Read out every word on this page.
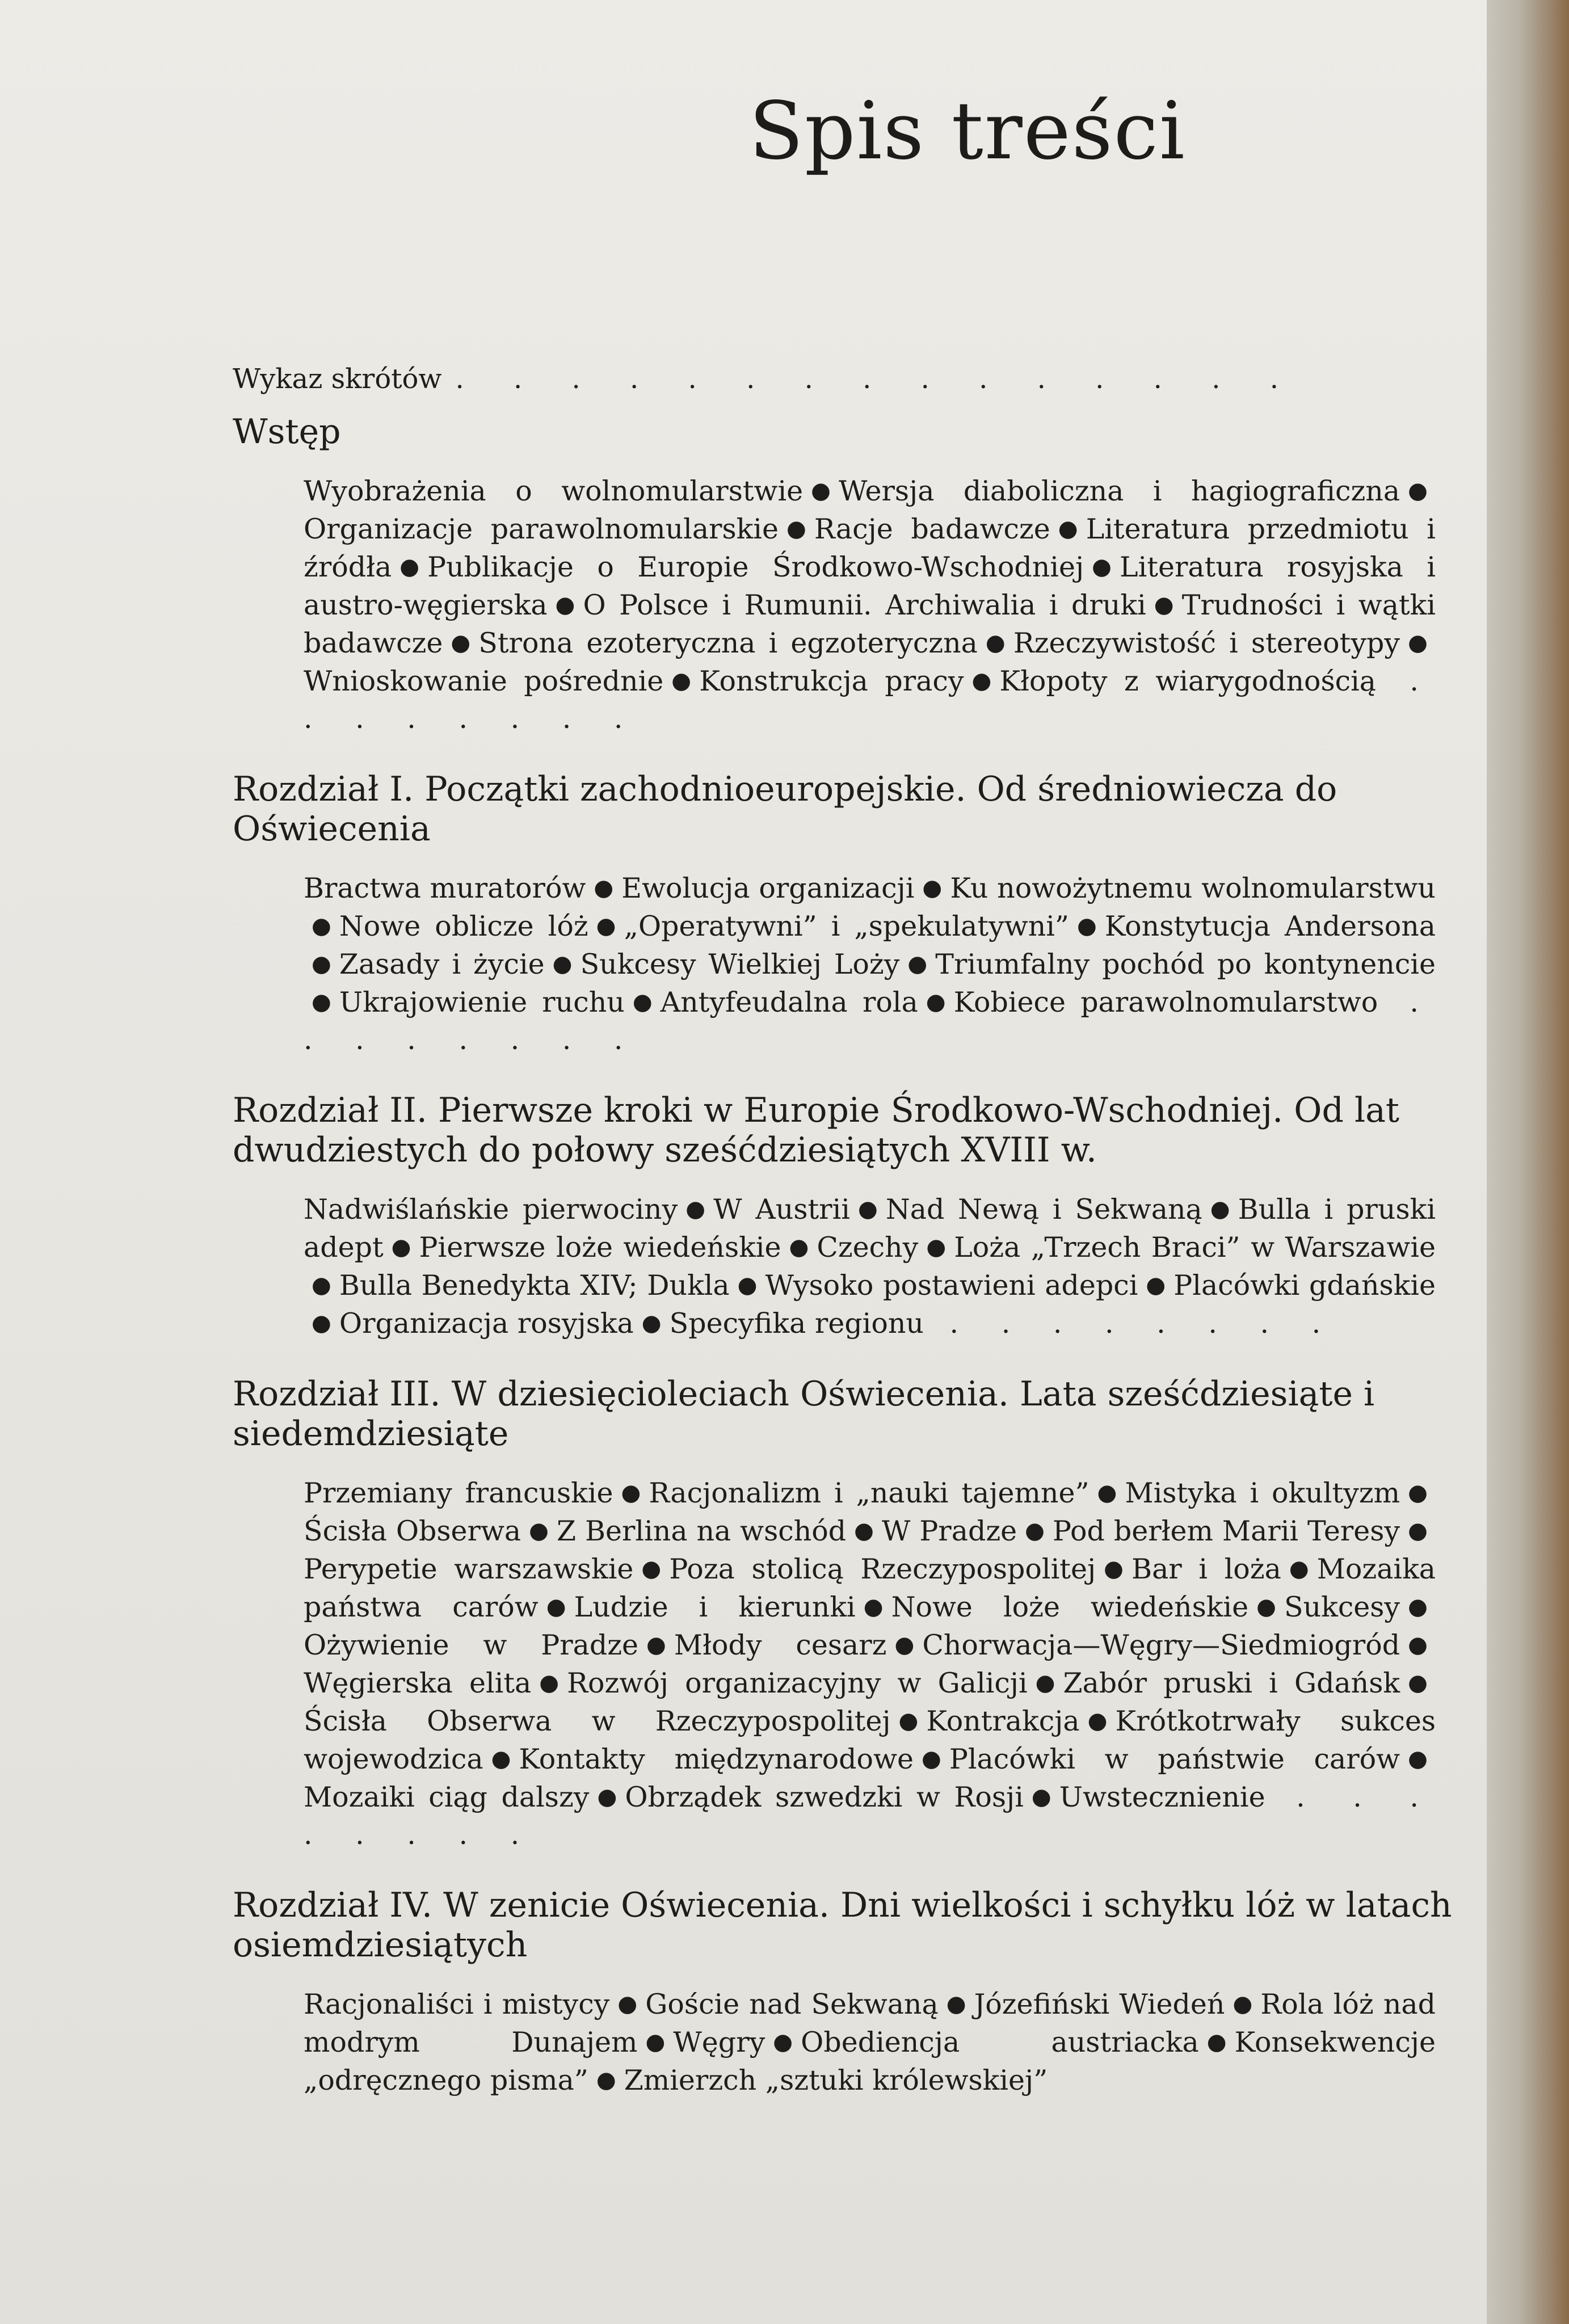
Spis treści
Wykaz skrótów . . . . . . . . . . . . . . .
Wstęp
Wyobrażenia o wolnomularstwie ● Wersja diaboliczna i hagiograficzna ●Organizacje parawolnomularskie ● Racje badawcze ● Literatura przedmiotu i źródła ● Publikacje o Europie Środkowo-Wschodniej ● Literatura rosyjska i austro-węgierska ● O Polsce i Rumunii. Archiwalia i druki ● Trudności i wątki badawcze ● Strona ezoteryczna i egzoteryczna ● Rzeczywistość i stereotypy ●Wnioskowanie pośrednie ● Konstrukcja pracy ● Kłopoty z wiarygodnością . . . . . . . .
Rozdział I. Początki zachodnioeuropejskie. Od średniowiecza do Oświecenia
Bractwa muratorów ● Ewolucja organizacji ● Ku nowożytnemu wolnomularstwu● Nowe oblicze lóż ● „Operatywni” i „spekulatywni” ● Konstytucja Andersona● Zasady i życie ● Sukcesy Wielkiej Loży ● Triumfalny pochód po kontynencie● Ukrajowienie ruchu ● Antyfeudalna rola ● Kobiece parawolnomularstwo . . . . . . . .
Rozdział II. Pierwsze kroki w Europie Środkowo-Wschodniej. Od lat dwudziestych do połowy sześćdziesiątych XVIII w.
Nadwiślańskie pierwociny ● W Austrii ● Nad Newą i Sekwaną ● Bulla i pruski adept ● Pierwsze loże wiedeńskie ● Czechy ● Loża „Trzech Braci” w Warszawie● Bulla Benedykta XIV; Dukla ● Wysoko postawieni adepci ● Placówki gdańskie● Organizacja rosyjska ● Specyfika regionu . . . . . . . .
Rozdział III. W dziesięcioleciach Oświecenia. Lata sześćdziesiąte i siedemdziesiąte
Przemiany francuskie ● Racjonalizm i „nauki tajemne” ● Mistyka i okultyzm ●Ścisła Obserwa ● Z Berlina na wschód ● W Pradze ● Pod berłem Marii Teresy ●Perypetie warszawskie ● Poza stolicą Rzeczypospolitej ● Bar i loża ● Mozaika państwa carów ● Ludzie i kierunki ● Nowe loże wiedeńskie ● Sukcesy ●Ożywienie w Pradze ● Młody cesarz ● Chorwacja—Węgry—Siedmiogród ●Węgierska elita ● Rozwój organizacyjny w Galicji ● Zabór pruski i Gdańsk ●Ścisła Obserwa w Rzeczypospolitej ● Kontrakcja ● Krótkotrwały sukces wojewodzica ● Kontakty międzynarodowe ● Placówki w państwie carów ●Mozaiki ciąg dalszy ● Obrządek szwedzki w Rosji ● Uwstecznienie . . . . . . . .
Rozdział IV. W zenicie Oświecenia. Dni wielkości i schyłku lóż w latach osiemdziesiątych
Racjonaliści i mistycy ● Goście nad Sekwaną ● Józefiński Wiedeń ● Rola lóż nad modrym Dunajem ● Węgry ● Obediencja austriacka ● Konsekwencje „odręcznego pisma” ● Zmierzch „sztuki królewskiej”
